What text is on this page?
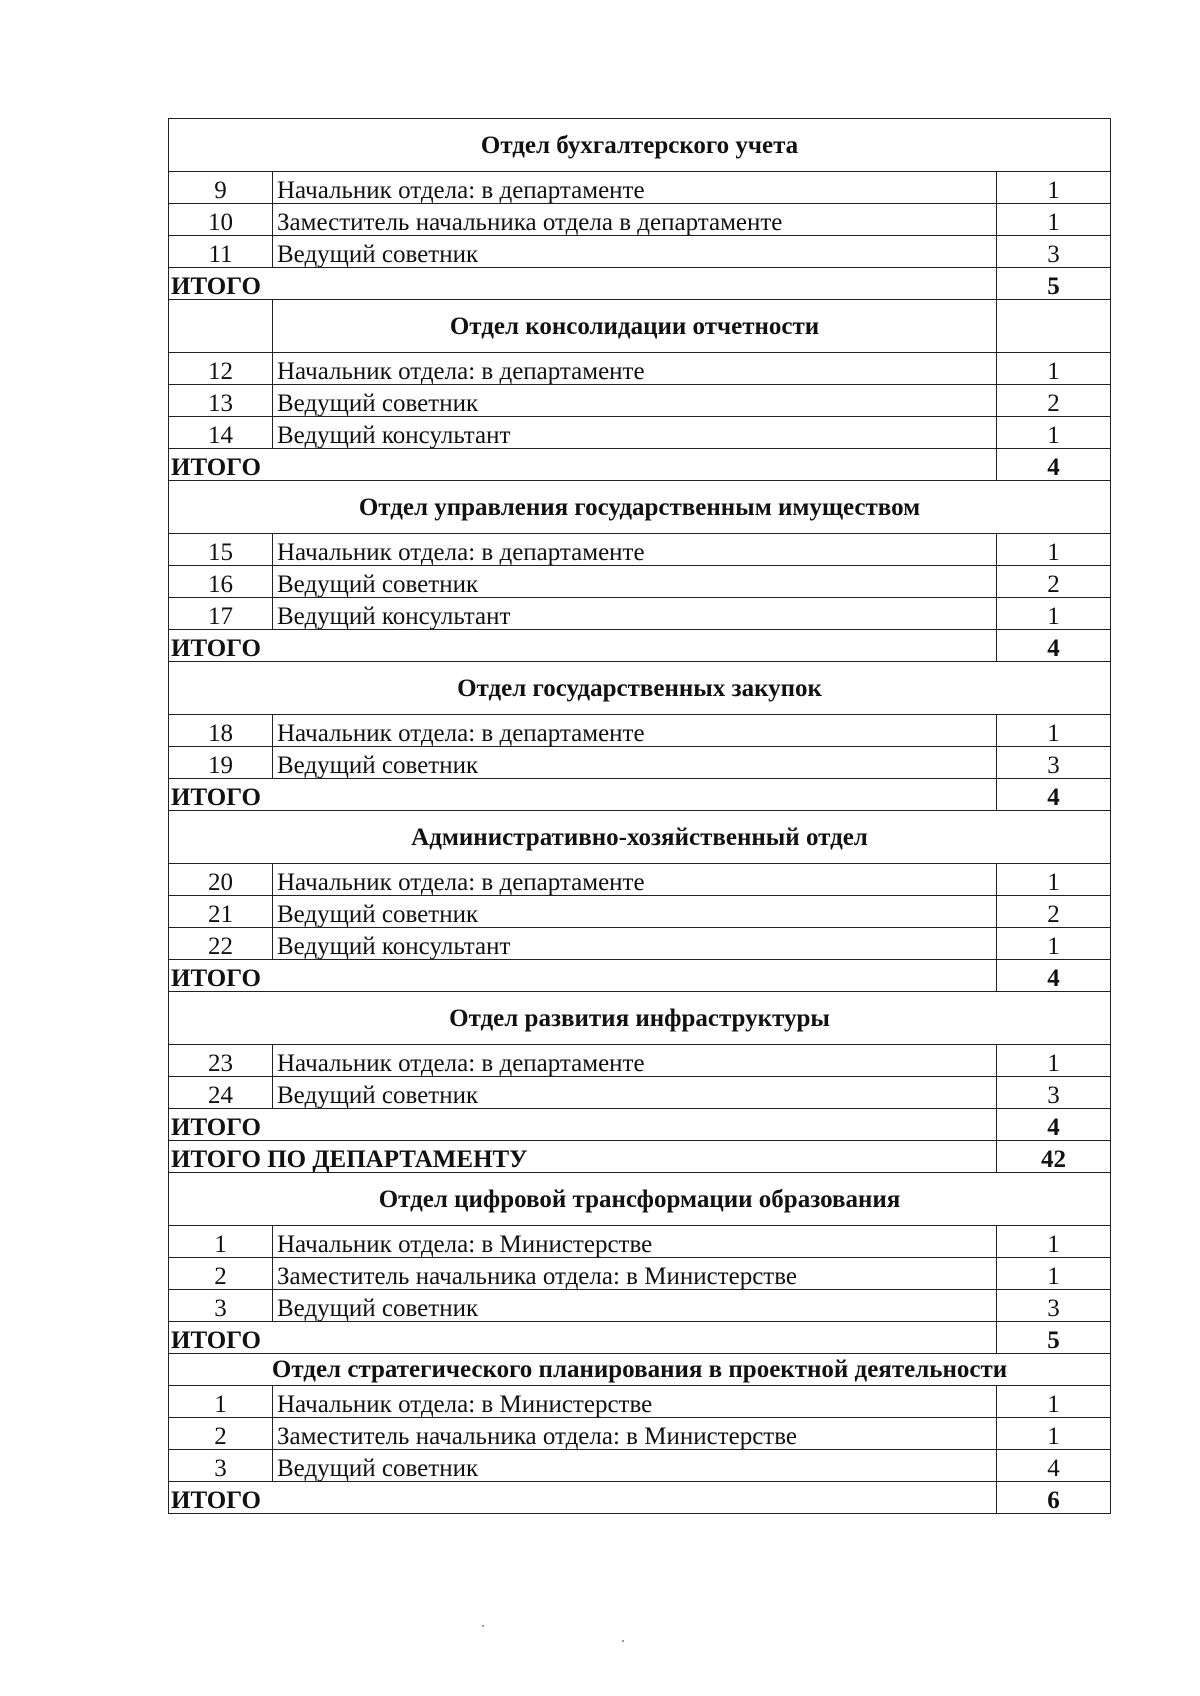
Отдел бухгалтерского учета		
9	Начальник отдела: в департаменте	1
10	Заместитель начальника отдела в департаменте	1
11	Ведущий советник	3
ИТОГО		5
	Отдел консолидации отчетности	
12	Начальник отдела: в департаменте	1
13	Ведущий советник	2
14	Ведущий консультант	1
ИТОГО		4
Отдел управления государственным имуществом		
15	Начальник отдела: в департаменте	1
16	Ведущий советник	2
17	Ведущий консультант	1
ИТОГО		4
Отдел государственных закупок		
18	Начальник отдела: в департаменте	1
19	Ведущий советник	3
ИТОГО		4
Административно-хозяйственный отдел		
20	Начальник отдела: в департаменте	1
21	Ведущий советник	2
22	Ведущий консультант	1
ИТОГО		4
Отдел развития инфраструктуры		
23	Начальник отдела: в департаменте	1
24	Ведущий советник	3
ИТОГО		4
ИТОГО ПО ДЕПАРТАМЕНТУ		42
Отдел цифровой трансформации образования		
1	Начальник отдела: в Министерстве	1
2	Заместитель начальника отдела: в Министерстве	1
3	Ведущий советник	3
ИТОГО		5
Отдел стратегического планирования в проектной деятельности		
1	Начальник отдела: в Министерстве	1
2	Заместитель начальника отдела: в Министерстве	1
3	Ведущий советник	4
ИТОГО		6
